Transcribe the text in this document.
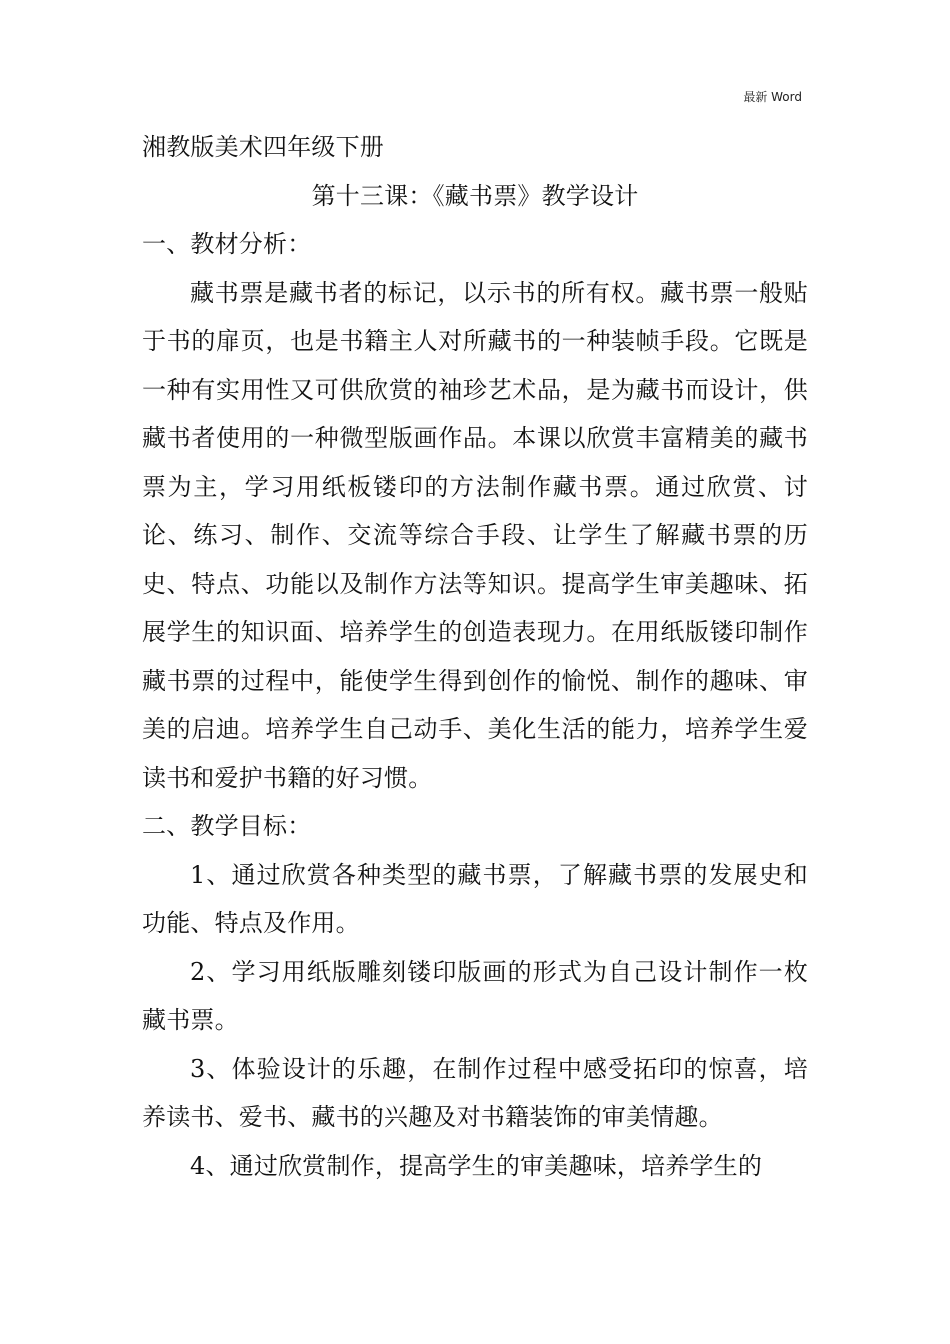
最新 Word

湘教版美术四年级下册

第十三课：《藏书票》教学设计

一、教材分析：

藏书票是藏书者的标记，以示书的所有权。藏书票一般贴于书的扉页，也是书籍主人对所藏书的一种装帧手段。它既是一种有实用性又可供欣赏的袖珍艺术品，是为藏书而设计，供藏书者使用的一种微型版画作品。本课以欣赏丰富精美的藏书票为主，学习用纸板镂印的方法制作藏书票。通过欣赏、讨论、练习、制作、交流等综合手段、让学生了解藏书票的历史、特点、功能以及制作方法等知识。提高学生审美趣味、拓展学生的知识面、培养学生的创造表现力。在用纸版镂印制作藏书票的过程中，能使学生得到创作的愉悦、制作的趣味、审美的启迪。培养学生自己动手、美化生活的能力，培养学生爱读书和爱护书籍的好习惯。

二、教学目标：

1、通过欣赏各种类型的藏书票，了解藏书票的发展史和功能、特点及作用。

2、学习用纸版雕刻镂印版画的形式为自己设计制作一枚藏书票。

3、体验设计的乐趣，在制作过程中感受拓印的惊喜，培养读书、爱书、藏书的兴趣及对书籍装饰的审美情趣。

4、通过欣赏制作，提高学生的审美趣味，培养学生的
